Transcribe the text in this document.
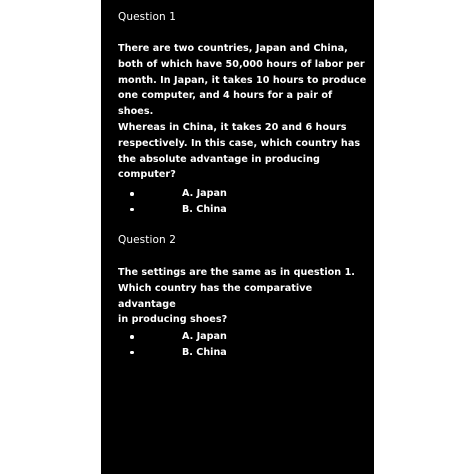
Question 1
There are two countries, Japan and China,
both of which have 50,000 hours of labor per
month. In Japan, it takes 10 hours to produce
one computer, and 4 hours for a pair of shoes.
Whereas in China, it takes 20 and 6 hours
respectively. In this case, which country has
the absolute advantage in producing
computer?
A. Japan
B. China
Question 2
The settings are the same as in question 1.
Which country has the comparative advantage
in producing shoes?
A. Japan
B. China
